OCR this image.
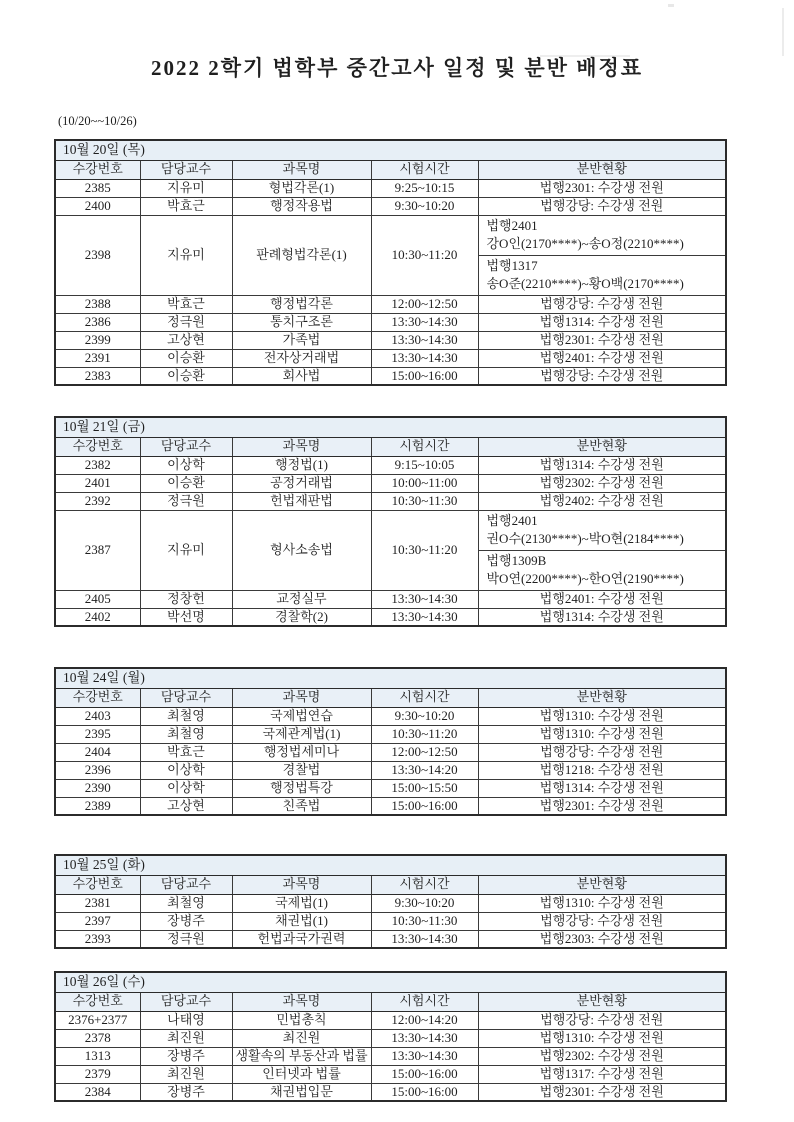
2022 2학기 법학부 중간고사 일정 및 분반 배정표
(10/20~~10/26)
10월 20일 (목)				
수강번호	담당교수	과목명	시험시간	분반현황
2385	지유미	형법각론(1)	9:25~10:15	법행2301: 수강생 전원
2400	박효근	행정작용법	9:30~10:20	법행강당: 수강생 전원
2398	지유미	판례형법각론(1)	10:30~11:20	법행2401
강O인(2170****)~송O정(2210****)
법행1317
송O준(2210****)~황O백(2170****)

2388	박효근	행정법각론	12:00~12:50	법행강당: 수강생 전원
2386	정극원	통치구조론	13:30~14:30	법행1314: 수강생 전원
2399	고상현	가족법	13:30~14:30	법행2301: 수강생 전원
2391	이승환	전자상거래법	13:30~14:30	법행2401: 수강생 전원
2383	이승환	회사법	15:00~16:00	법행강당: 수강생 전원
10월 21일 (금)				
수강번호	담당교수	과목명	시험시간	분반현황
2382	이상학	행정법(1)	9:15~10:05	법행1314: 수강생 전원
2401	이승환	공정거래법	10:00~11:00	법행2302: 수강생 전원
2392	정극원	헌법재판법	10:30~11:30	법행2402: 수강생 전원
2387	지유미	형사소송법	10:30~11:20	법행2401
권O수(2130****)~박O현(2184****)
법행1309B
박O연(2200****)~한O연(2190****)

2405	정창헌	교정실무	13:30~14:30	법행2401: 수강생 전원
2402	박선명	경찰학(2)	13:30~14:30	법행1314: 수강생 전원
10월 24일 (월)				
수강번호	담당교수	과목명	시험시간	분반현황
2403	최철영	국제법연습	9:30~10:20	법행1310: 수강생 전원
2395	최철영	국제관계법(1)	10:30~11:20	법행1310: 수강생 전원
2404	박효근	행정법세미나	12:00~12:50	법행강당: 수강생 전원
2396	이상학	경찰법	13:30~14:20	법행1218: 수강생 전원
2390	이상학	행정법특강	15:00~15:50	법행1314: 수강생 전원
2389	고상현	친족법	15:00~16:00	법행2301: 수강생 전원
10월 25일 (화)				
수강번호	담당교수	과목명	시험시간	분반현황
2381	최철영	국제법(1)	9:30~10:20	법행1310: 수강생 전원
2397	장병주	채권법(1)	10:30~11:30	법행강당: 수강생 전원
2393	정극원	헌법과국가권력	13:30~14:30	법행2303: 수강생 전원
10월 26일 (수)				
수강번호	담당교수	과목명	시험시간	분반현황
2376+2377	나태영	민법총칙	12:00~14:20	법행강당: 수강생 전원
2378	최진원	최진원	13:30~14:30	법행1310: 수강생 전원
1313	장병주	생활속의 부동산과 법률	13:30~14:30	법행2302: 수강생 전원
2379	최진원	인터넷과 법률	15:00~16:00	법행1317: 수강생 전원
2384	장병주	채권법입문	15:00~16:00	법행2301: 수강생 전원
